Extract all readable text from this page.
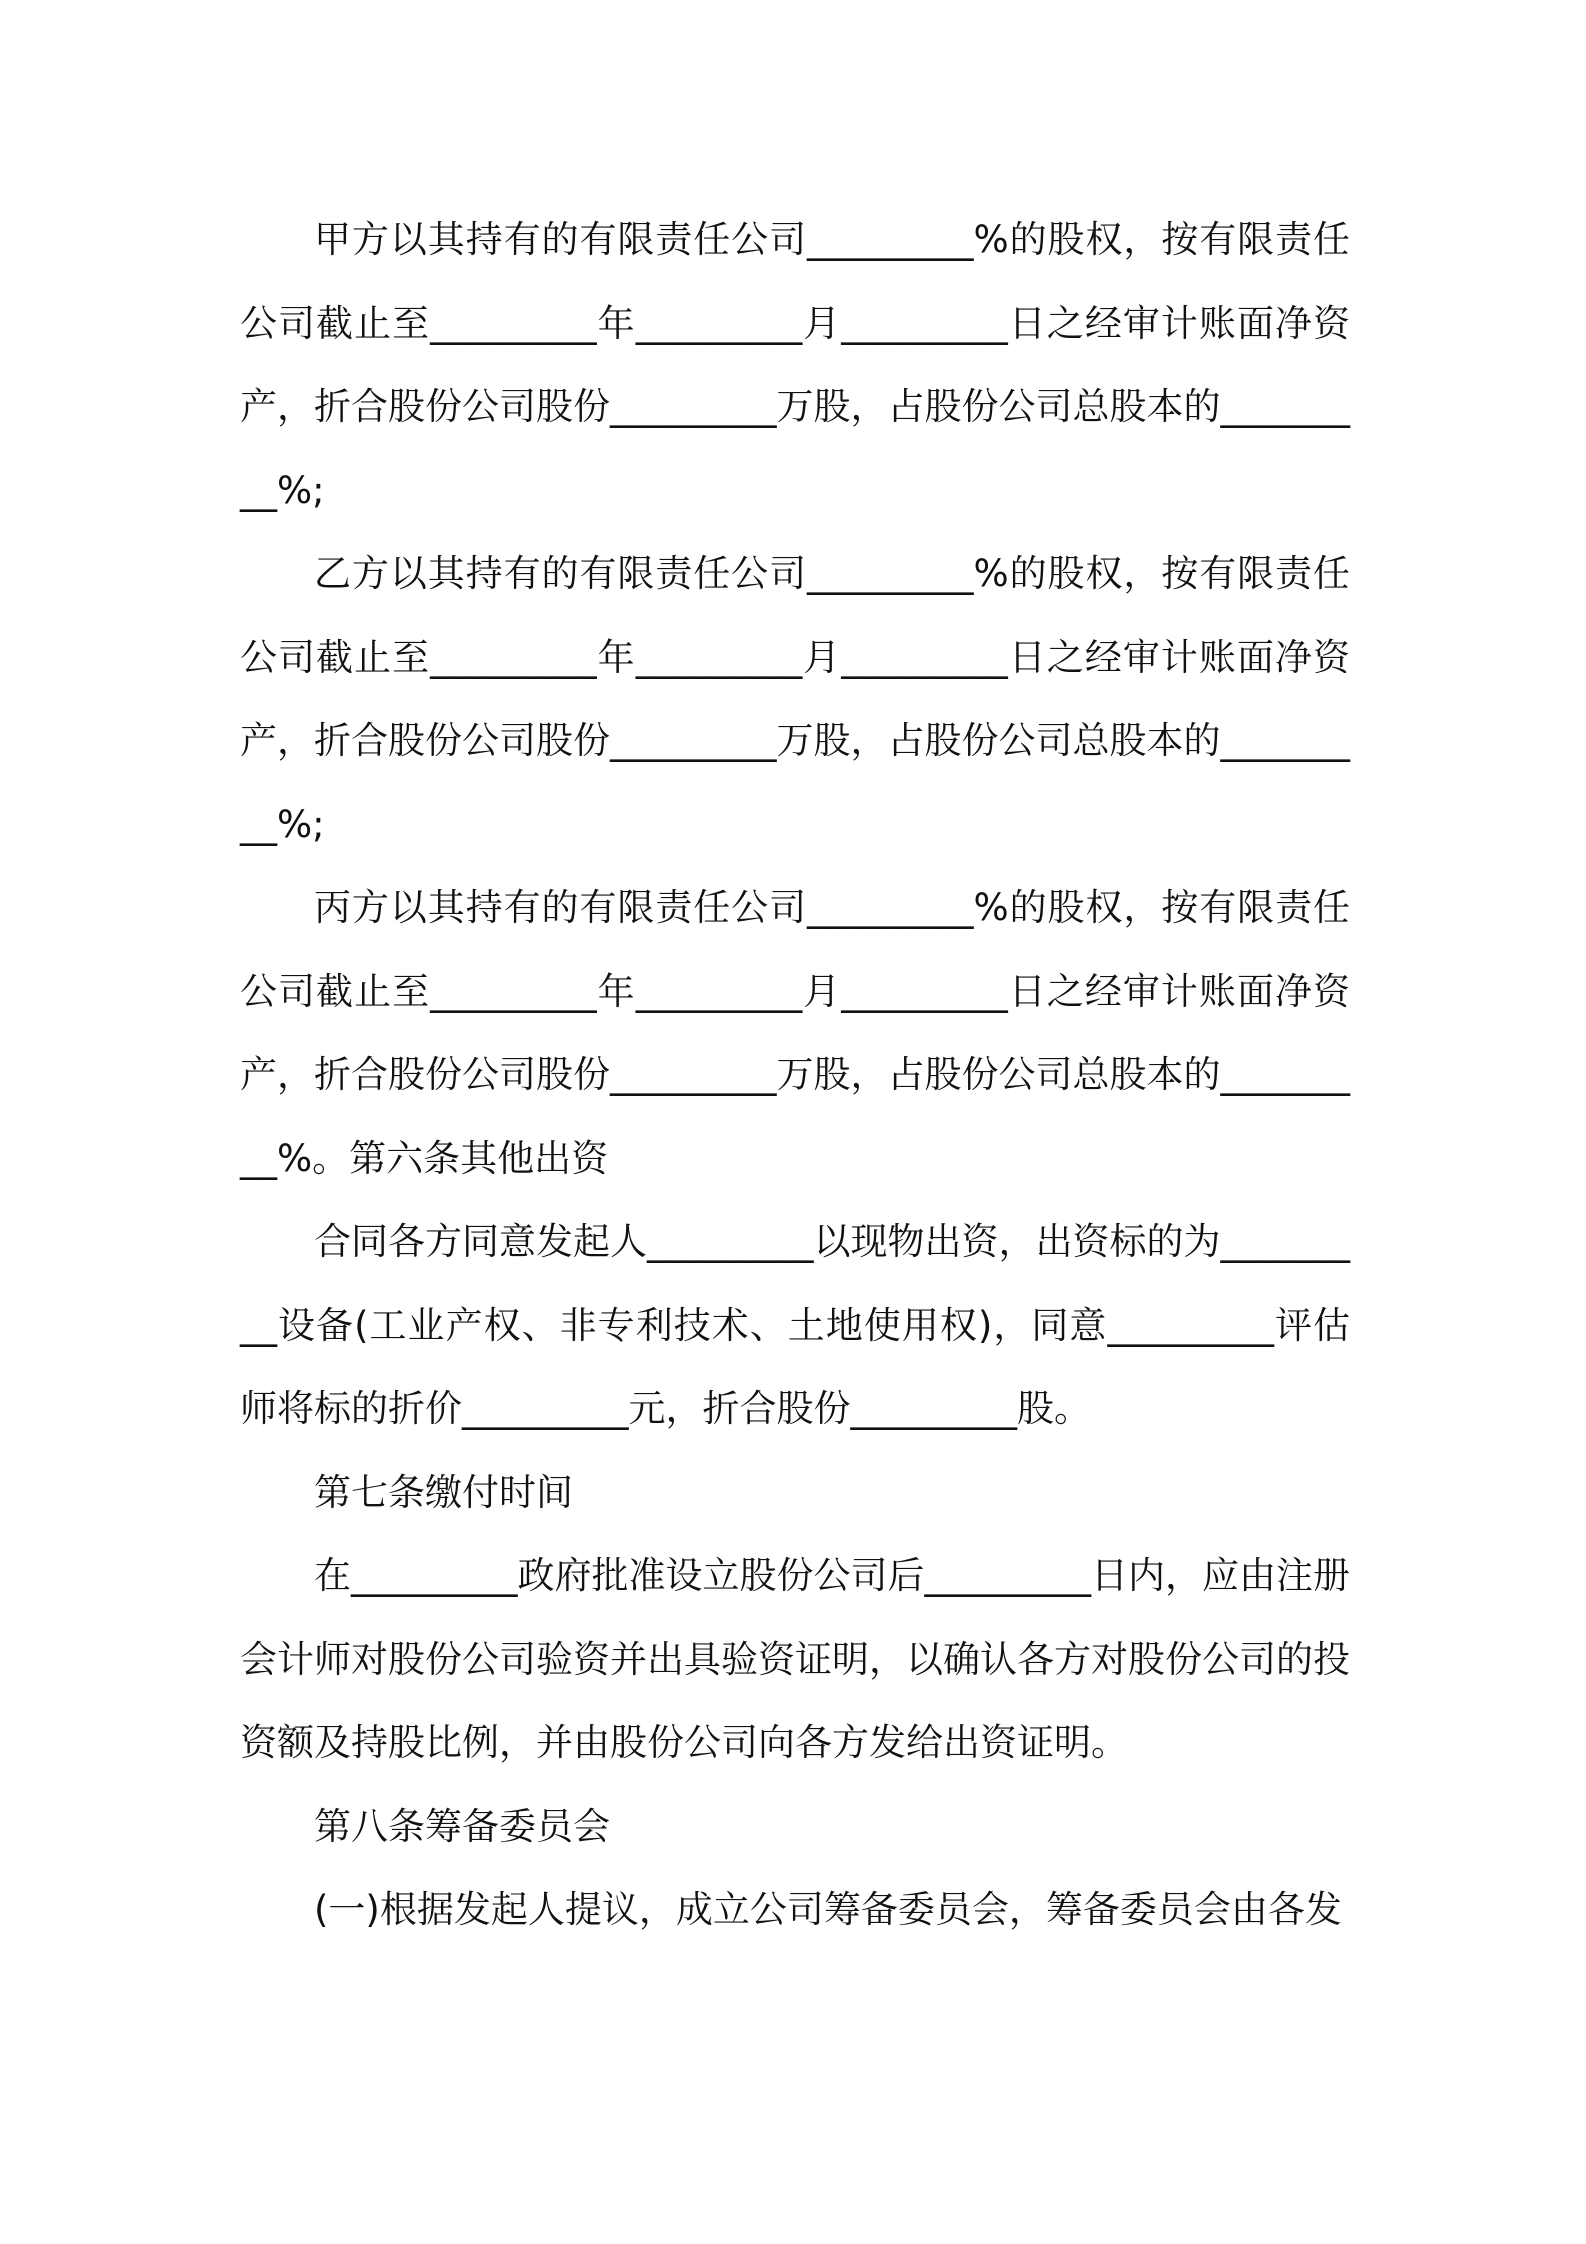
甲方以其持有的有限责任公司_________%的股权，按有限责任公司截止至_________年_________月_________日之经审计账面净资产，折合股份公司股份_________万股，占股份公司总股本的_________%;

乙方以其持有的有限责任公司_________%的股权，按有限责任公司截止至_________年_________月_________日之经审计账面净资产，折合股份公司股份_________万股，占股份公司总股本的_________%;

丙方以其持有的有限责任公司_________%的股权，按有限责任公司截止至_________年_________月_________日之经审计账面净资产，折合股份公司股份_________万股，占股份公司总股本的_________%。第六条其他出资

合同各方同意发起人_________以现物出资，出资标的为_________设备(工业产权、非专利技术、土地使用权)，同意_________评估师将标的折价_________元，折合股份_________股。

第七条缴付时间

在_________政府批准设立股份公司后_________日内，应由注册会计师对股份公司验资并出具验资证明，以确认各方对股份公司的投资额及持股比例，并由股份公司向各方发给出资证明。

第八条筹备委员会

(一)根据发起人提议，成立公司筹备委员会，筹备委员会由各发
